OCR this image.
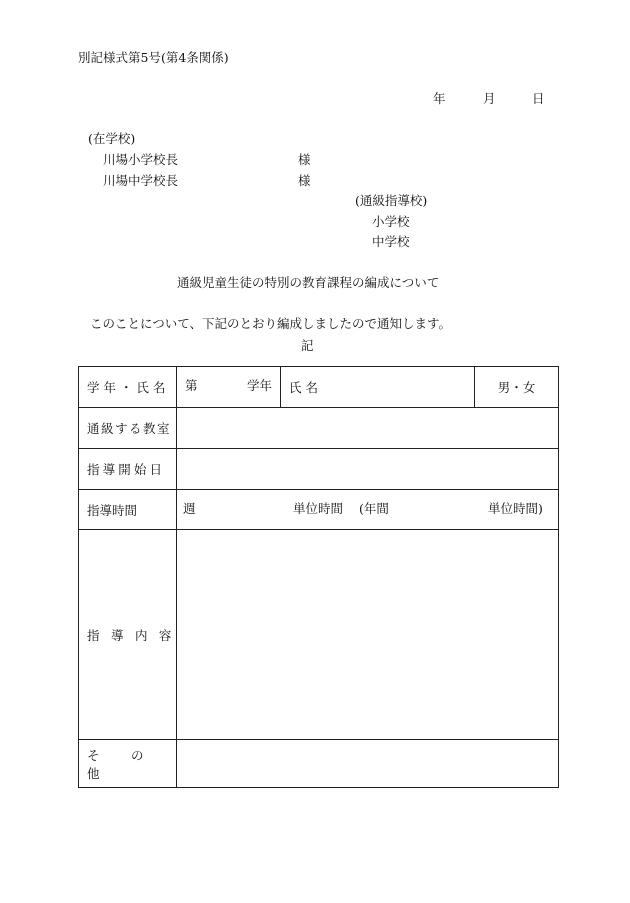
別記様式第5号(第4条関係)
年	月	日
(在学校)
川場小学校長	様
川場中学校長	様
(通級指導校)
小学校
中学校
通級児童生徒の特別の教育課程の編成について
このことについて、下記のとおり編成しましたので通知します。
記
学 年 ・ 氏 名	第 学年	氏 名	男・女
通級する教室			
指導開始日			
指導時間	週 単位時間 (年間 単位時間)		

指 導 内 容			
そ の 他			
